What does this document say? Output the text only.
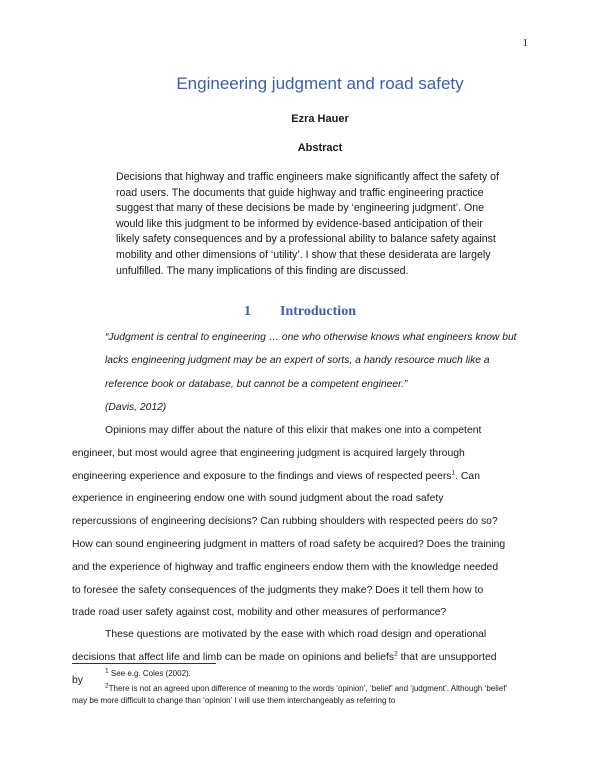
1
Engineering judgment and road safety
Ezra Hauer
Abstract

Decisions that highway and traffic engineers make significantly affect the safety of road users. The documents that guide highway and traffic engineering practice suggest that many of these decisions be made by ‘engineering judgment’. One would like this judgment to be informed by evidence-based anticipation of their likely safety consequences and by a professional ability to balance safety against mobility and other dimensions of ‘utility’. I show that these desiderata are largely unfulfilled. The many implications of this finding are discussed.

1 Introduction

“Judgment is central to engineering … one who otherwise knows what engineers know but lacks engineering judgment may be an expert of sorts, a handy resource much like a reference book or database, but cannot be a competent engineer.”
(Davis, 2012)

Opinions may differ about the nature of this elixir that makes one into a competent engineer, but most would agree that engineering judgment is acquired largely through engineering experience and exposure to the findings and views of respected peers$^1$. Can experience in engineering endow one with sound judgment about the road safety repercussions of engineering decisions? Can rubbing shoulders with respected peers do so? How can sound engineering judgment in matters of road safety be acquired? Does the training and the experience of highway and traffic engineers endow them with the knowledge needed to foresee the safety consequences of the judgments they make? Does it tell them how to trade road user safety against cost, mobility and other measures of performance?

These questions are motivated by the ease with which road design and operational decisions that affect life and limb can be made on opinions and beliefs$^2$ that are unsupported by

$^1$ See e.g. Coles (2002).

$^2$There is not an agreed upon difference of meaning to the words ‘opinion’, ‘belief’ and ‘judgment’. Although ‘belief’ may be more difficult to change than ‘opinion’ I will use them interchangeably as referring to
